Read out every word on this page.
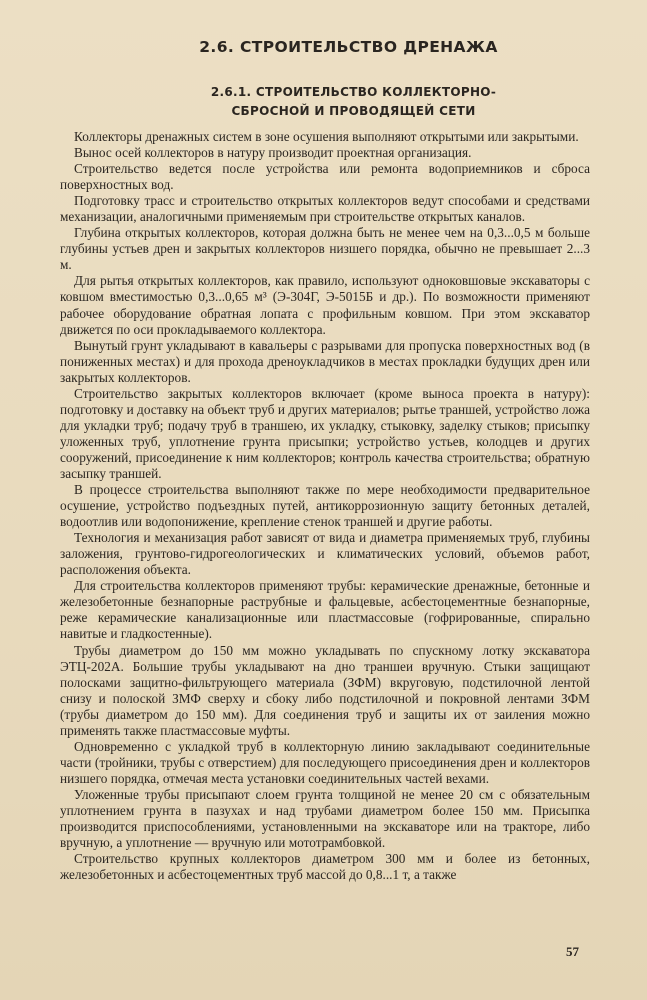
2.6. СТРОИТЕЛЬСТВО ДРЕНАЖА
2.6.1. СТРОИТЕЛЬСТВО КОЛЛЕКТОРНО-
СБРОСНОЙ И ПРОВОДЯЩЕЙ СЕТИ

Коллекторы дренажных систем в зоне осушения выполняют открытыми или закрытыми.

Вынос осей коллекторов в натуру производит проектная организация.

Строительство ведется после устройства или ремонта водоприемников и сброса поверхностных вод.

Подготовку трасс и строительство открытых коллекторов ведут способами и средствами механизации, аналогичными применяемым при строительстве открытых каналов.

Глубина открытых коллекторов, которая должна быть не менее чем на 0,3...0,5 м больше глубины устьев дрен и закрытых коллекторов низшего порядка, обычно не превышает 2...3 м.

Для рытья открытых коллекторов, как правило, используют одноковшовые экскаваторы с ковшом вместимостью 0,3...0,65 м³ (Э-304Г, Э-5015Б и др.). По возможности применяют рабочее оборудование обратная лопата с профильным ковшом. При этом экскаватор движется по оси прокладываемого коллектора.

Вынутый грунт укладывают в кавальеры с разрывами для пропуска поверхностных вод (в пониженных местах) и для прохода дреноукладчиков в местах прокладки будущих дрен или закрытых коллекторов.

Строительство закрытых коллекторов включает (кроме выноса проекта в натуру): подготовку и доставку на объект труб и других материалов; рытье траншей, устройство ложа для укладки труб; подачу труб в траншею, их укладку, стыковку, заделку стыков; присыпку уложенных труб, уплотнение грунта присыпки; устройство устьев, колодцев и других сооружений, присоединение к ним коллекторов; контроль качества строительства; обратную засыпку траншей.

В процессе строительства выполняют также по мере необходимости предварительное осушение, устройство подъездных путей, антикоррозионную защиту бетонных деталей, водоотлив или водопонижение, крепление стенок траншей и другие работы.

Технология и механизация работ зависят от вида и диаметра применяемых труб, глубины заложения, грунтово-гидрогеологических и климатических условий, объемов работ, расположения объекта.

Для строительства коллекторов применяют трубы: керамические дренажные, бетонные и железобетонные безнапорные раструбные и фальцевые, асбестоцементные безнапорные, реже керамические канализационные или пластмассовые (гофрированные, спирально навитые и гладкостенные).

Трубы диаметром до 150 мм можно укладывать по спускному лотку экскаватора ЭТЦ-202А. Большие трубы укладывают на дно траншеи вручную. Стыки защищают полосками защитно-фильтрующего материала (ЗФМ) вкруговую, подстилочной лентой снизу и полоской ЗМФ сверху и сбоку либо подстилочной и покровной лентами ЗФМ (трубы диаметром до 150 мм). Для соединения труб и защиты их от заиления можно применять также пластмассовые муфты.

Одновременно с укладкой труб в коллекторную линию закладывают соединительные части (тройники, трубы с отверстием) для последующего присоединения дрен и коллекторов низшего порядка, отмечая места установки соединительных частей вехами.

Уложенные трубы присыпают слоем грунта толщиной не менее 20 см с обязательным уплотнением грунта в пазухах и над трубами диаметром более 150 мм. Присыпка производится приспособлениями, установленными на экскаваторе или на тракторе, либо вручную, а уплотнение — вручную или мототрамбовкой.

Строительство крупных коллекторов диаметром 300 мм и более из бетонных, железобетонных и асбестоцементных труб массой до 0,8...1 т, а также

57
